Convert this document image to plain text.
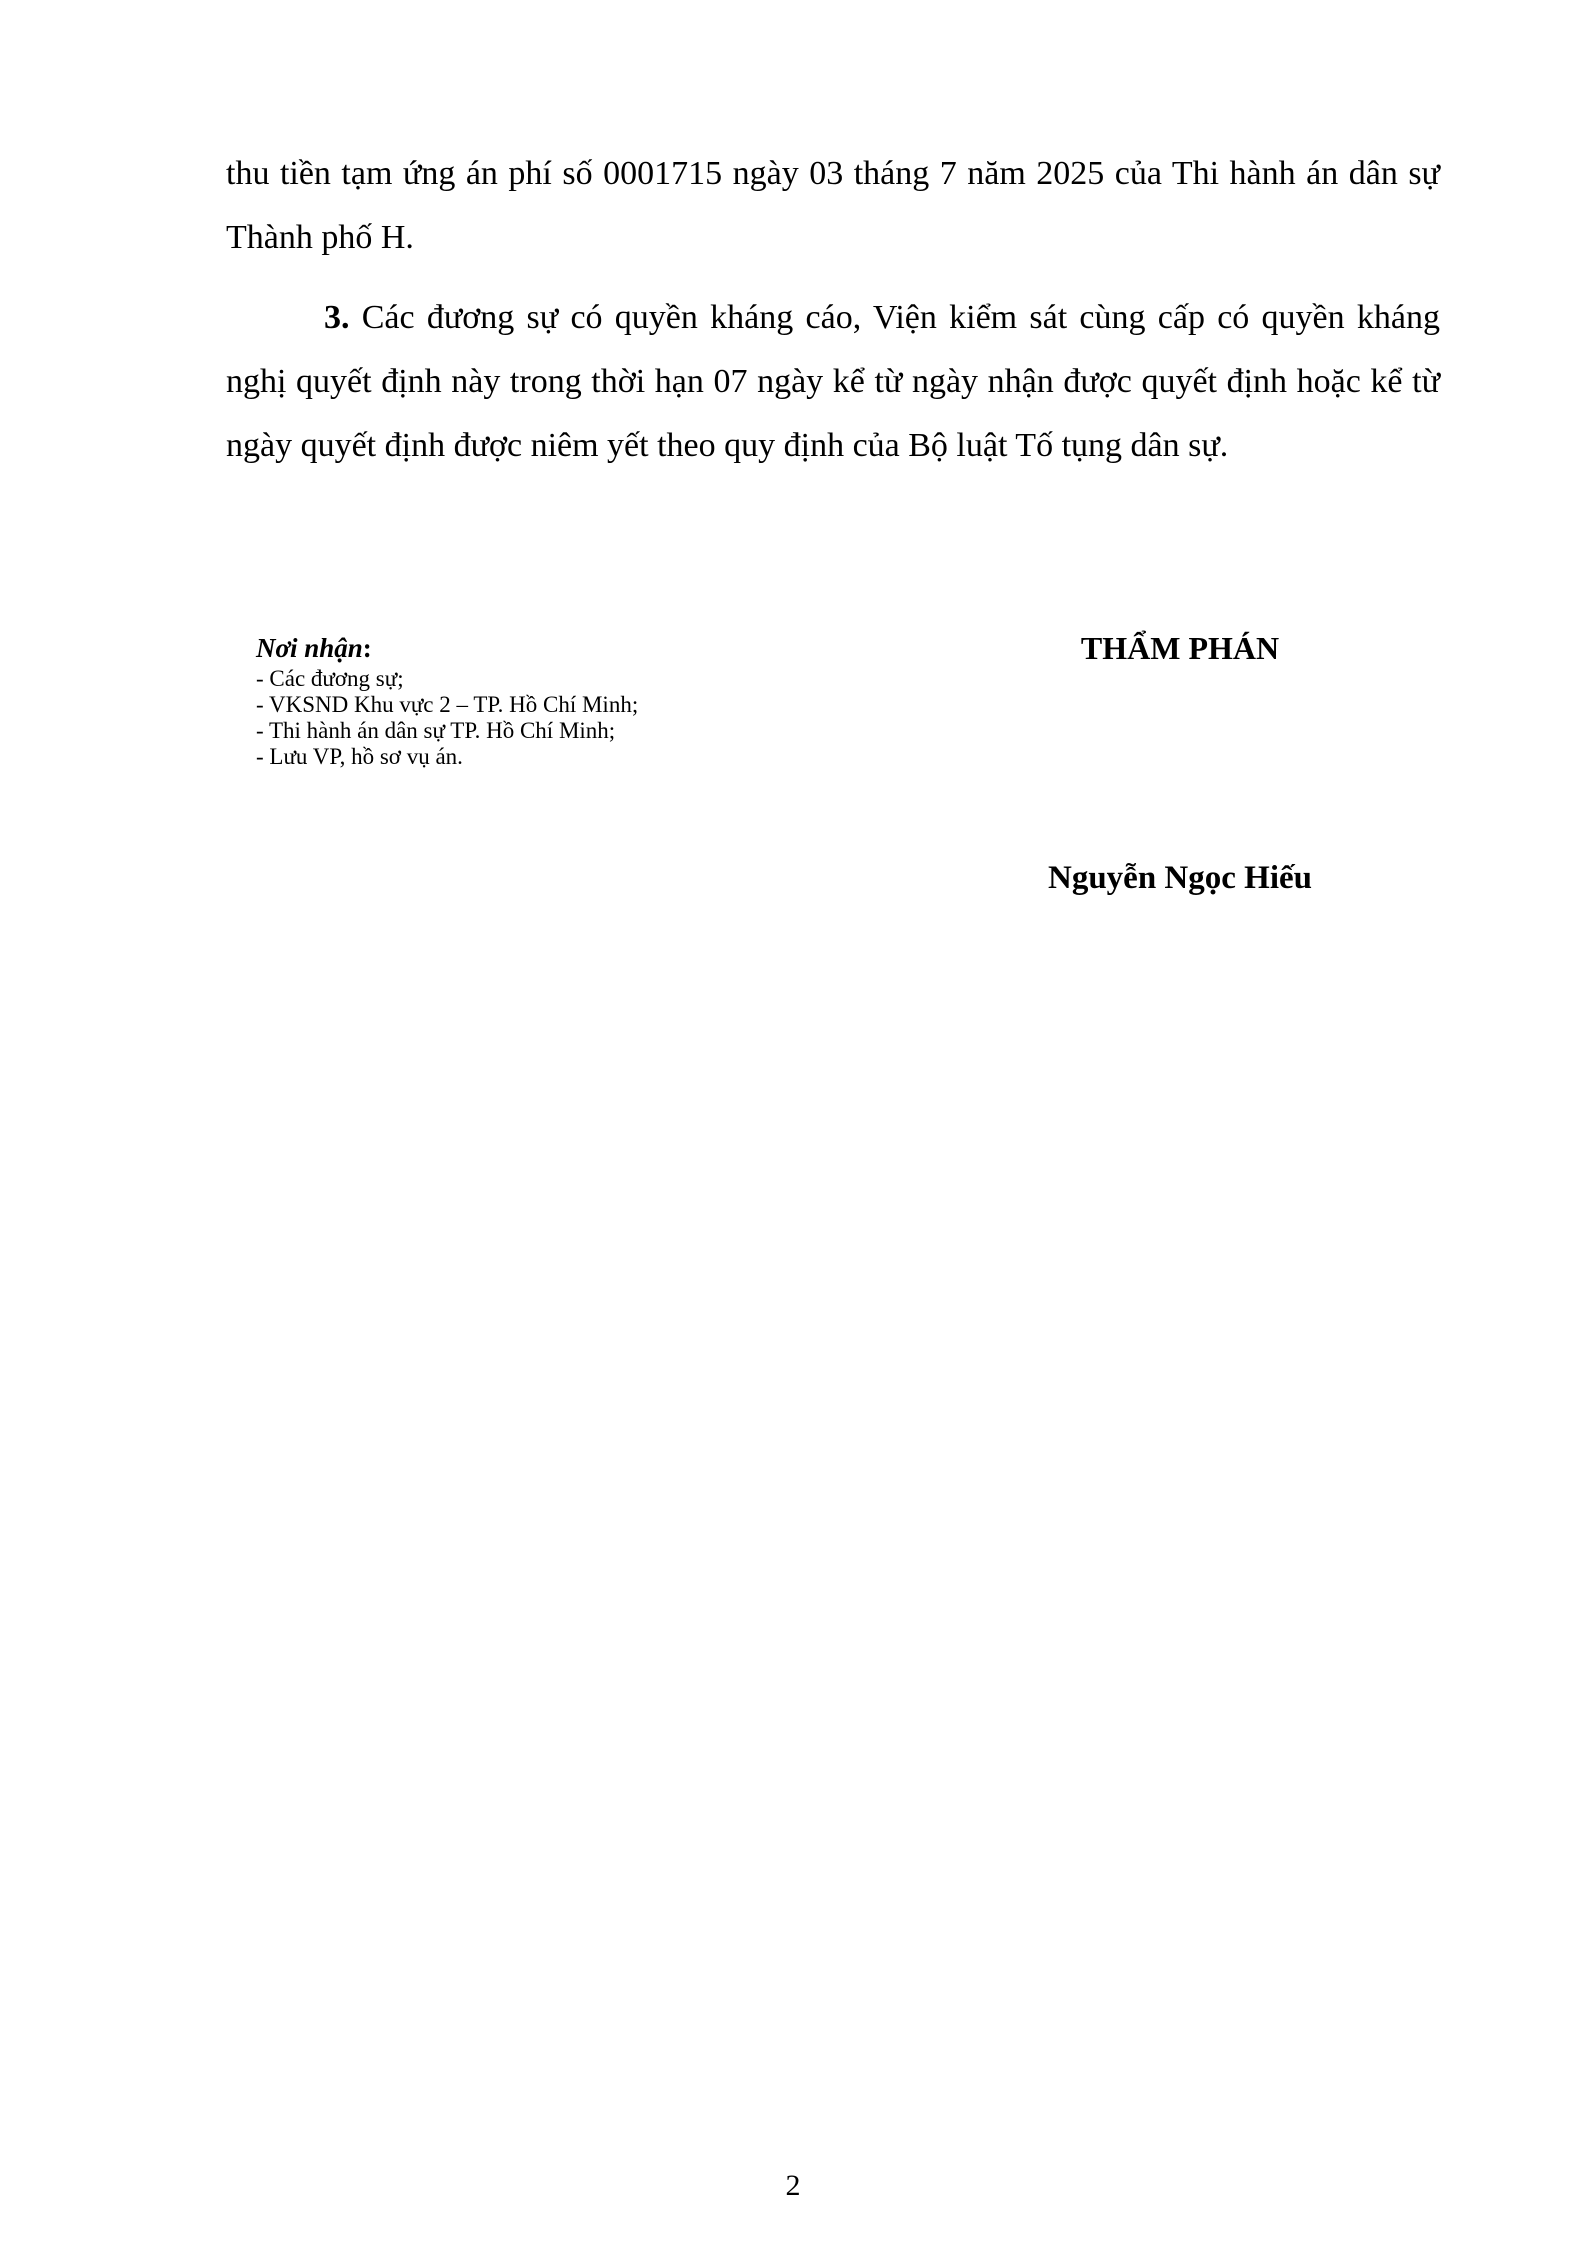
thu tiền tạm ứng án phí số 0001715 ngày 03 tháng 7 năm 2025 của Thi hành án dân sự Thành phố H.

3. Các đương sự có quyền kháng cáo, Viện kiểm sát cùng cấp có quyền kháng nghị quyết định này trong thời hạn 07 ngày kể từ ngày nhận được quyết định hoặc kể từ ngày quyết định được niêm yết theo quy định của Bộ luật Tố tụng dân sự.

Nơi nhận:

- Các đương sự;
- VKSND Khu vực 2 – TP. Hồ Chí Minh;
- Thi hành án dân sự TP. Hồ Chí Minh;
- Lưu VP, hồ sơ vụ án.

THẨM PHÁN

Nguyễn Ngọc Hiếu

2
